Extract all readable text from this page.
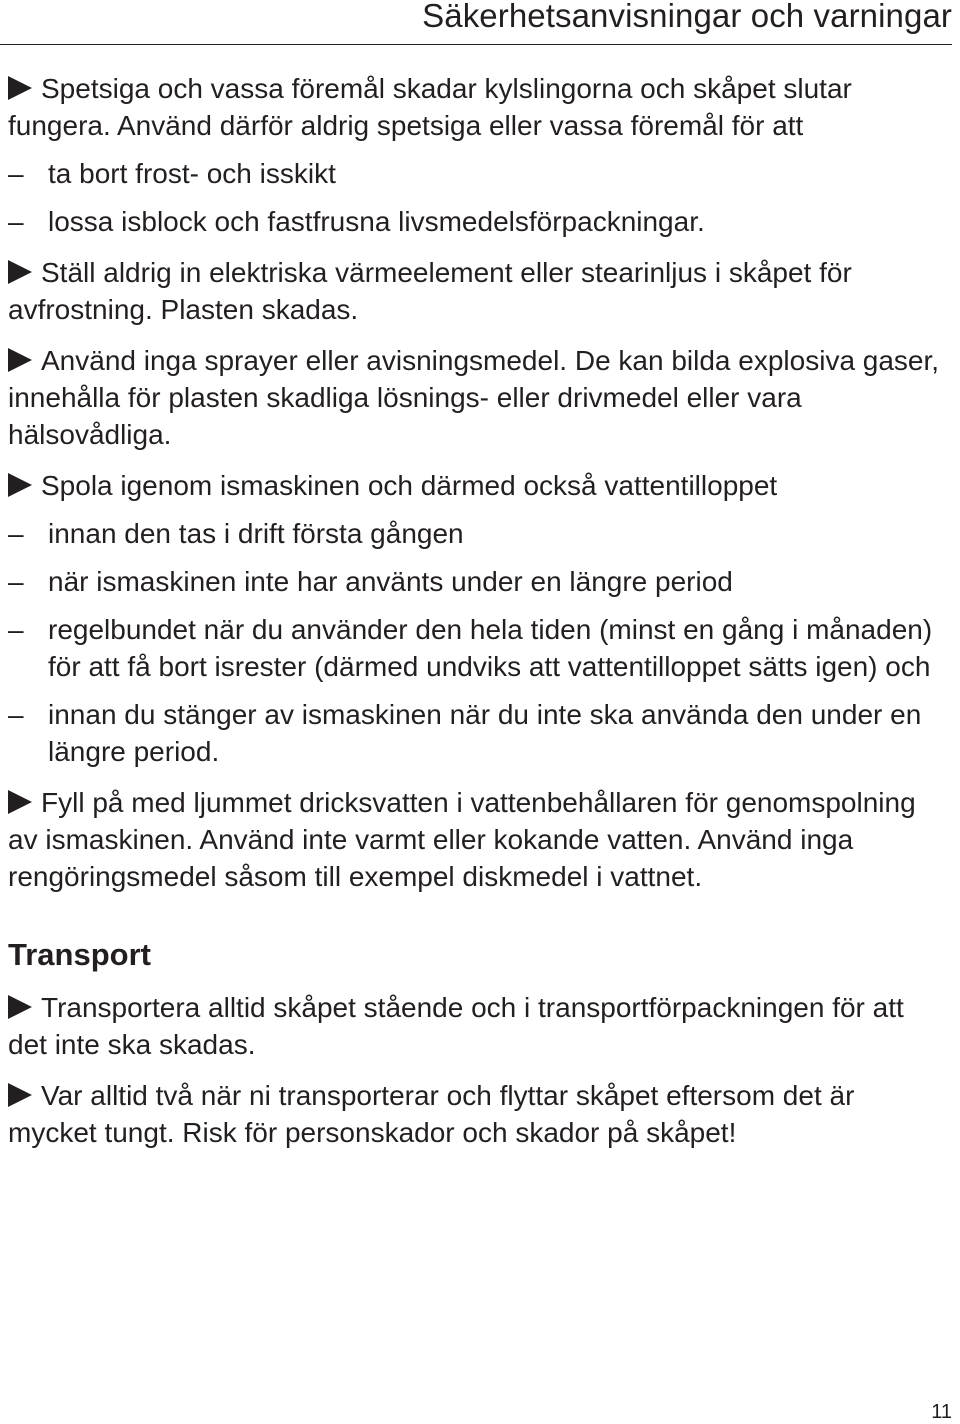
Säkerhetsanvisningar och varningar

Spetsiga och vassa föremål skadar kylslingorna och skåpet slutar fungera. Använd därför aldrig spetsiga eller vassa föremål för att

– ta bort frost- och isskikt
– lossa isblock och fastfrusna livsmedelsförpackningar.

Ställ aldrig in elektriska värmeelement eller stearinljus i skåpet för avfrostning. Plasten skadas.

Använd inga sprayer eller avisningsmedel. De kan bilda explosiva gaser, innehålla för plasten skadliga lösnings- eller drivmedel eller vara hälsovådliga.

Spola igenom ismaskinen och därmed också vattentilloppet

– innan den tas i drift första gången
– när ismaskinen inte har använts under en längre period
– regelbundet när du använder den hela tiden (minst en gång i månaden) för att få bort isrester (därmed undviks att vattentilloppet sätts igen) och
– innan du stänger av ismaskinen när du inte ska använda den under en längre period.

Fyll på med ljummet dricksvatten i vattenbehållaren för genomspolning av ismaskinen. Använd inte varmt eller kokande vatten. Använd inga rengöringsmedel såsom till exempel diskmedel i vattnet.

Transport

Transportera alltid skåpet stående och i transportförpackningen för att det inte ska skadas.

Var alltid två när ni transporterar och flyttar skåpet eftersom det är mycket tungt. Risk för personskador och skador på skåpet!

11
